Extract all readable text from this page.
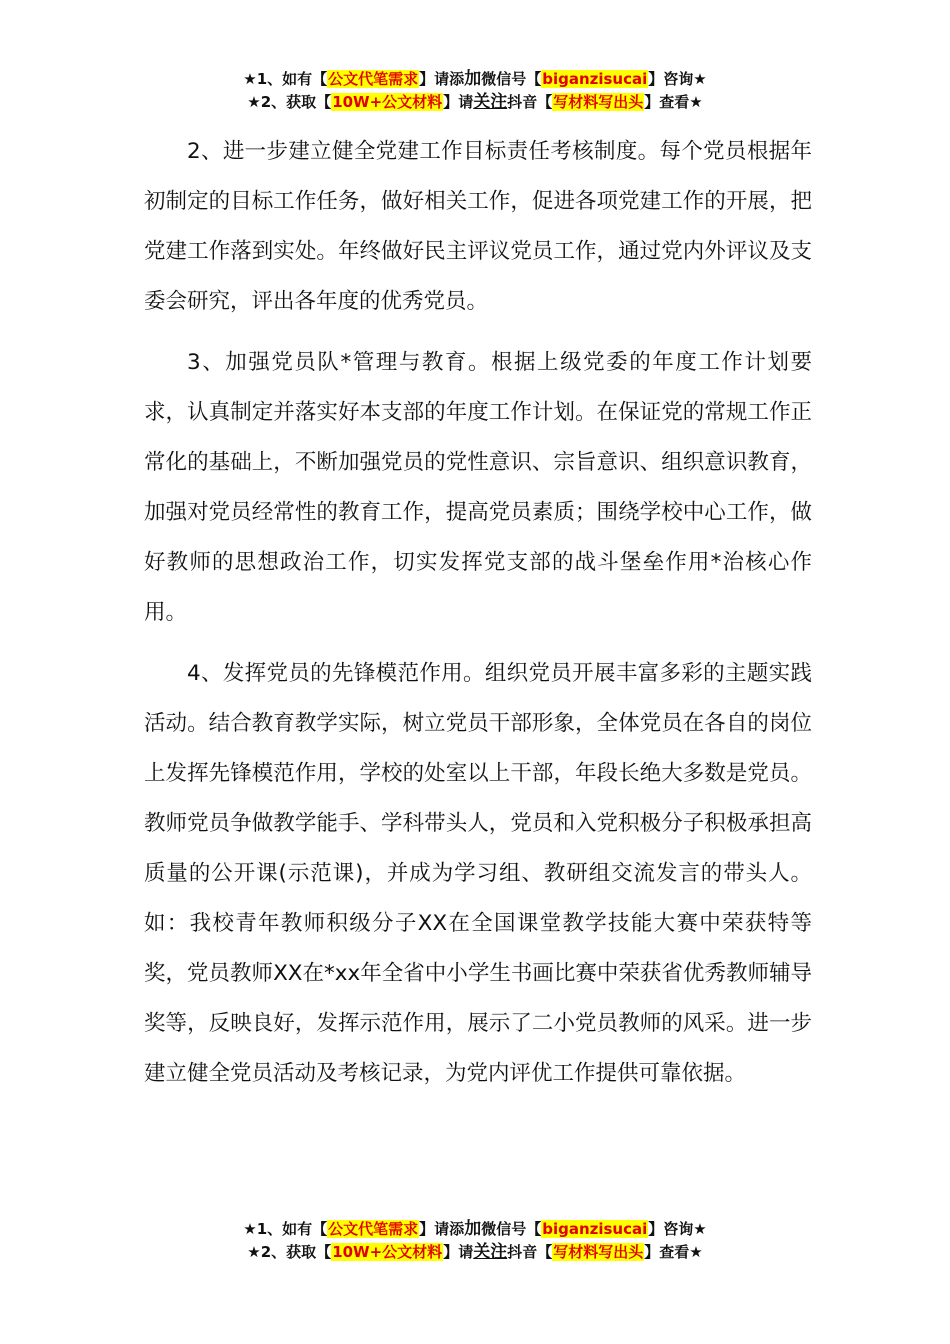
★1、如有【公文代笔需求】请添加微信号【biganzisucai】咨询★
★2、获取【10W+公文材料】请关注抖音【写材料写出头】查看★

2、进一步建立健全党建工作目标责任考核制度。每个党员根据年初制定的目标工作任务，做好相关工作，促进各项党建工作的开展，把党建工作落到实处。年终做好民主评议党员工作，通过党内外评议及支委会研究，评出各年度的优秀党员。

3、加强党员队*管理与教育。根据上级党委的年度工作计划要求，认真制定并落实好本支部的年度工作计划。在保证党的常规工作正常化的基础上，不断加强党员的党性意识、宗旨意识、组织意识教育，加强对党员经常性的教育工作，提高党员素质；围绕学校中心工作，做好教师的思想政治工作，切实发挥党支部的战斗堡垒作用*治核心作用。

4、发挥党员的先锋模范作用。组织党员开展丰富多彩的主题实践活动。结合教育教学实际，树立党员干部形象，全体党员在各自的岗位上发挥先锋模范作用，学校的处室以上干部，年段长绝大多数是党员。教师党员争做教学能手、学科带头人，党员和入党积极分子积极承担高质量的公开课(示范课)，并成为学习组、教研组交流发言的带头人。如：我校青年教师积级分子XX在全国课堂教学技能大赛中荣获特等奖，党员教师XX在*xx年全省中小学生书画比赛中荣获省优秀教师辅导奖等，反映良好，发挥示范作用，展示了二小党员教师的风采。进一步建立健全党员活动及考核记录，为党内评优工作提供可靠依据。

★1、如有【公文代笔需求】请添加微信号【biganzisucai】咨询★
★2、获取【10W+公文材料】请关注抖音【写材料写出头】查看★
